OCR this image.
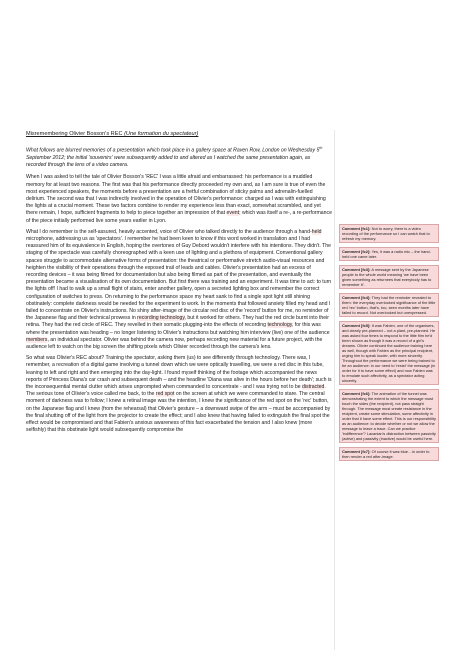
Misremembering Olivier Bosson's REC (Une formation du spectateur)

What follows are blurred memories of a presentation which took place in a gallery space at Raven Row, London on Wednesday 5th September 2012; the initial 'souvenirs' were subsequently added to and altered as I watched the same presentation again, as recorded through the lens of a video camera.

When I was asked to tell the tale of Olivier Bosson's 'REC' I was a little afraid and embarrassed: his performance is a muddled memory for at least two reasons. The first was that his performance directly proceeded my own and, as I am sure is true of even the most experienced speakers, the moments before a presentation are a fretful combination of sticky palms and adrenalin-fuelled delirium. The second was that I was indirectly involved in the operation of Olivier's performance: charged as I was with extinguishing the lights at a crucial moment. These two factors combine to render my experience less than exact, somewhat scrambled, and yet there remain, I hope, sufficient fragments to help to piece together an impression of that event; which was itself a re-, a re-performance of the piece initially performed live some years earlier in Lyon.

What I do remember is the self-assured, heavily accented, voice of Olivier who talked directly to the audience through a hand-held microphone, addressing us as 'spectators'. I remember he had been keen to know if this word worked in translation and I had reassured him of its equivalence in English, hoping the overtones of Guy Debord wouldn't interfere with his intentions. They didn't. The staging of the spectacle was carefully choreographed with a keen use of lighting and a plethora of equipment. Conventional gallery spaces struggle to accommodate alternative forms of presentation: the theatrical or performative stretch audio-visual resources and heighten the visibility of their operations through the exposed trail of leads and cables. Olivier's presentation had an excess of recording devices – it was being filmed for documentation but also being filmed as part of the presentation, and eventually the presentation became a visualisation of its own documentation. But first there was training and an experiment. It was time to act: to turn the lights off! I had to walk up a small flight of stairs, enter another gallery, open a secreted lighting box and remember the correct configuration of switches to press. On returning to the performance space my heart sank to find a single spot light still shining obstinately: complete darkness would be needed for the experiment to work. In the moments that followed anxiety filled my head and I failed to concentrate on Olivier's instructions. No shiny after-image of the circular red disc of the 'record' button for me, no reminder of the Japanese flag and their technical prowess in recording technology, but it worked for others. They had the red circle burnt into their retina. They had the red circle of REC. They revelled in their somatic plugging-into the effects of recording technology, for this was where the presentation was heading – no longer listening to Olivier's instructions but watching him interview (live) one of the audience members, an individual spectator. Olivier was behind the camera now, perhaps recording new material for a future project, with the audience left to watch on the big screen the shifting pixels which Olivier recorded through the camera's lens.

So what was Olivier's REC about? Training the spectator, asking them (us) to see differently through technology. There was, I remember, a recreation of a digital game involving a tunnel down which we were optically travelling, we were a red disc in this tube, leaning to left and right and then emerging into the day-light. I found myself thinking of the footage which accompanied the news reports of Princess Diana's car crash and subsequent death – and the headline 'Diana was alive in the hours before her death'; such is the inconsequential mental clutter which arises unprompted when commanded to concentrate - and I was trying not to be distracted. The serious tone of Olivier's voice called me back, to the red spot on the screen at which we were commanded to stare. The central moment of darkness was to follow; I knew a retinal image was the intention, I knew the significance of the red spot on the 'rec' button, on the Japanese flag and I knew (from the rehearsal) that Olivier's gesture – a downward swipe of the arm – must be accompanied by the final shutting off of the light from the projector to create the effect; and I also knew that having failed to extinguish the final spot the effect would be compromised and that Fabien's anxious awareness of this fact exacerbated the tension and I also knew (more selfishly) that this obstinate light would subsequently compromise the

Comment [fc1]: Not to worry, there is a video recording of the performance so I can watch that to refresh my memory.
Comment [fc2]: Yes, it was a radio mic – the hand-held one came later.
Comment [fc3]: A message sent by the Japanese people to the whole world meaning 'we have been given something as returnees that everybody has to remember it'.
Comment [fc4]: They had the reminder revealed to them: the everyday overlooked significance of the little red 'rec' button, that's, too, seen months later have failed to record. Not overlooked but unexpressed.
Comment [fc5]: It was Fabien, one of the organisers, and clearly pre-planned – not a plant, pre-planned. He was asked four times to respond to the little film he'd been shown as though it was a record of a girl's dreams. Olivier continued the audience training here as well, though with Fabien as the principal recipient, urging him to speak louder, with more sincerity. Throughout the performance we were being trained to be an audience: in our need to 'resist' the message (in order for it to have some effect) and now Fabien was to emulate such affectivity, as a spectator acting sincerity.
Comment [fc6]: The animation of the tunnel was demonstrating the extent to which the message must touch the sides (the recipient), not pass straight through. The message must create resistance in the recipient, create some stimulation, some affectivity in order that it have some effect. This is our responsibility as an audience: to decide whether or not we allow the message to leave a trace. Can we practice 'indifference'? Lacanian's distraction between passivity (active) and passivity (inactive) would be useful here.
Comment [fc7]: Of course it was blue…in order to then render a red after-image.
